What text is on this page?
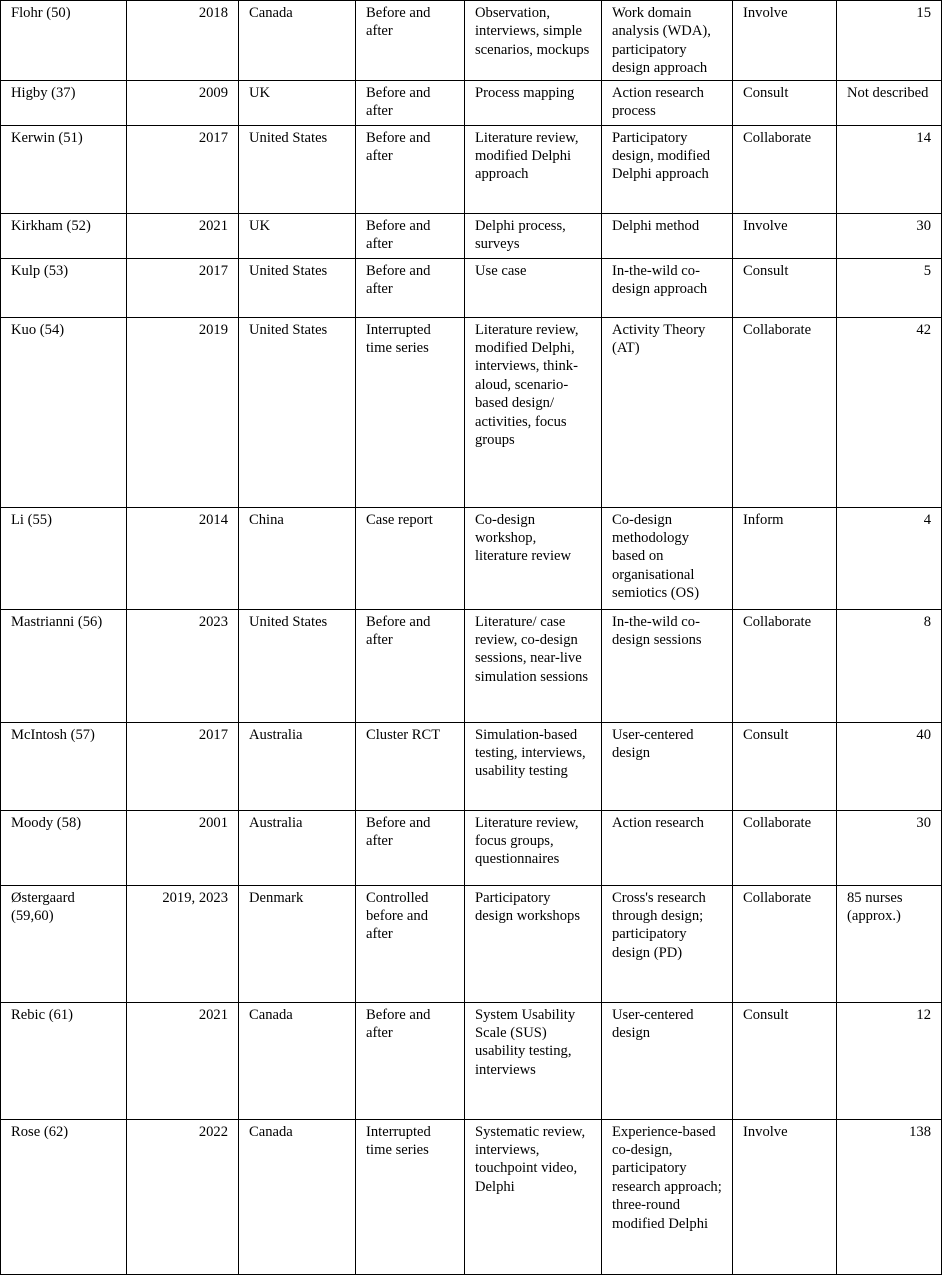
Flohr (50)	2018	Canada	Before and after	Observation, interviews, simple scenarios, mockups	Work domain analysis (WDA), participatory design approach	Involve	15
Higby (37)	2009	UK	Before and after	Process mapping	Action research process	Consult	Not described
Kerwin (51)	2017	United States	Before and after	Literature review, modified Delphi approach	Participatory design, modified Delphi approach	Collaborate	14
Kirkham (52)	2021	UK	Before and after	Delphi process, surveys	Delphi method	Involve	30
Kulp (53)	2017	United States	Before and after	Use case	In-the-wild co-design approach	Consult	5
Kuo (54)	2019	United States	Interrupted time series	Literature review, modified Delphi, interviews, think-aloud, scenario-based design/ activities, focus groups	Activity Theory (AT)	Collaborate	42
Li (55)	2014	China	Case report	Co-design workshop, literature review	Co-design methodology based on organisational semiotics (OS)	Inform	4
Mastrianni (56)	2023	United States	Before and after	Literature/ case review, co-design sessions, near-live simulation sessions	In-the-wild co-design sessions	Collaborate	8
McIntosh (57)	2017	Australia	Cluster RCT	Simulation-based testing, interviews, usability testing	User-centered design	Consult	40
Moody (58)	2001	Australia	Before and after	Literature review, focus groups, questionnaires	Action research	Collaborate	30
Østergaard (59,60)	2019, 2023	Denmark	Controlled before and after	Participatory design workshops	Cross's research through design; participatory design (PD)	Collaborate	85 nurses (approx.)
Rebic (61)	2021	Canada	Before and after	System Usability Scale (SUS) usability testing, interviews	User-centered design	Consult	12
Rose (62)	2022	Canada	Interrupted time series	Systematic review, interviews, touchpoint video, Delphi	Experience-based co-design, participatory research approach; three-round modified Delphi	Involve	138
